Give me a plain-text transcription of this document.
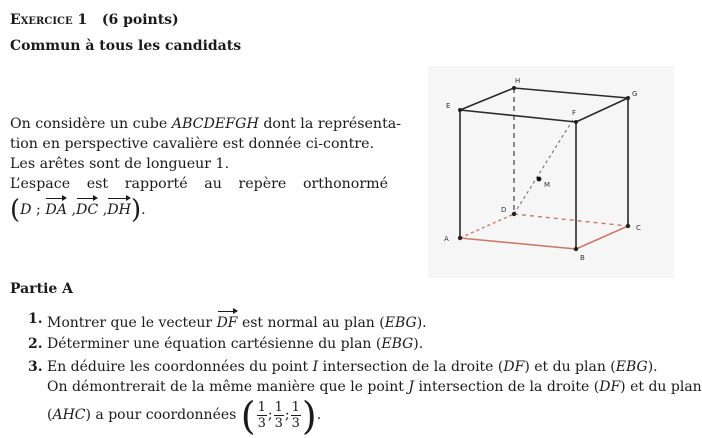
Exercice 1 (6 points)
Commun à tous les candidats
On considère un cube ABCDEFGH dont la représenta-
tion en perspective cavalière est donnée ci-contre.
Les arêtes sont de longueur 1.
L’espace est rapporté au repère orthonormé
(D ; DA ,DC ,DH).
E
H
G
F
A
B
C
D
M
Partie A
1. Montrer que le vecteur DF est normal au plan (EBG).
2. Déterminer une équation cartésienne du plan (EBG).
3. En déduire les coordonnées du point I intersection de la droite (DF) et du plan (EBG).
On démontrerait de la même manière que le point J intersection de la droite (DF) et du plan
(AHC) a pour coordonnées ( $\frac{1}{3}$ ; $\frac{1}{3}$ ; $\frac{1}{3}$ ).
